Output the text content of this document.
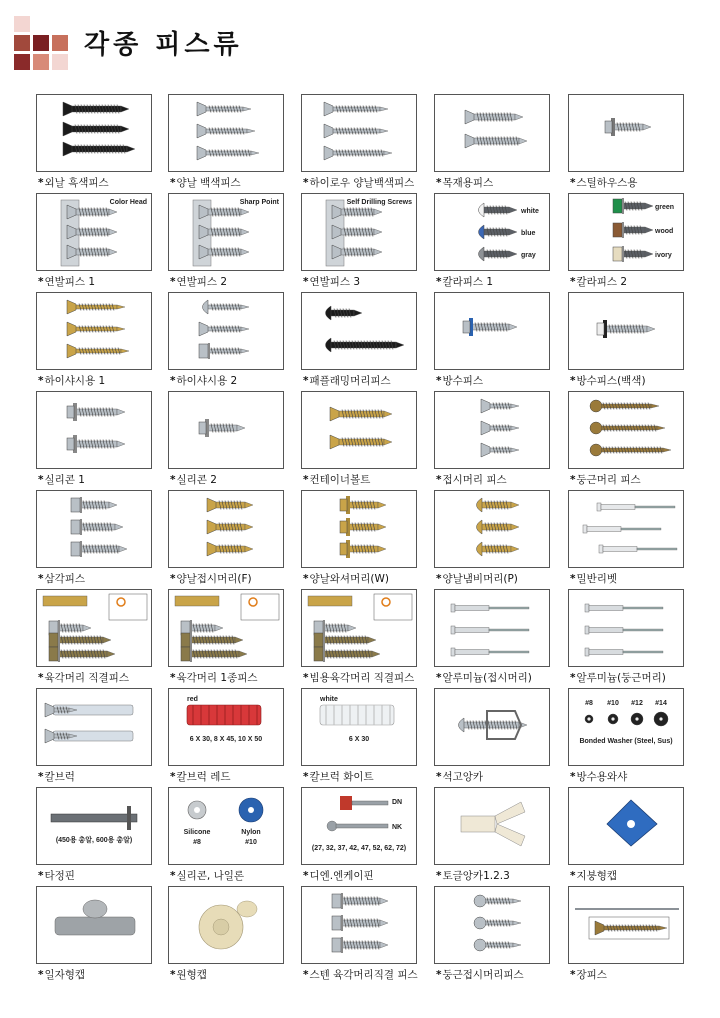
각종 피스류
*외날 흑색피스	*양날 백색피스	*하이로우 양날백색피스	*목재용피스	*스틸하우스용
Color Head
*연발피스 1
Sharp Point
*연발피스 2
Self Drilling Screws
*연발피스 3
white
blue
gray
*칼라피스 1
green
wood
ivory
*칼라피스 2
*하이샤시용 1	*하이샤시용 2	*패플래밍머리피스	*방수피스	*방수피스(백색)
*실리콘 1	*실리콘 2	*컨테이너볼트	*접시머리 피스	*둥근머리 피스
*삼각피스	*양날접시머리(F)	*양날와셔머리(W)	*양날냄비머리(P)	*밀반리벳
*육각머리 직결피스	*육각머리 1종피스	*빔용육각머리 직결피스	*알루미늄(접시머리)	*알루미늄(둥근머리)
*칼브럭
red
6 X 30, 8 X 45, 10 X 50
*칼브럭 레드
white
6 X 30
*칼브럭 화이트	*석고앙카
#8 #10 #12 #14
Bonded Washer (Steel, Sus)
*방수용와샤
(450용 총알, 600용 총알)
*타정핀
Silicone
#8
Nylon
#10
*실리콘, 나일론
DN
NK
(27, 32, 37, 42, 47, 52, 62, 72)
*디엔.엔케이핀	*토글앙카1.2.3	*지붕형캡
*일자형캡	*원형캡	*스텐 육각머리직결 피스	*둥근접시머리피스	*장피스
